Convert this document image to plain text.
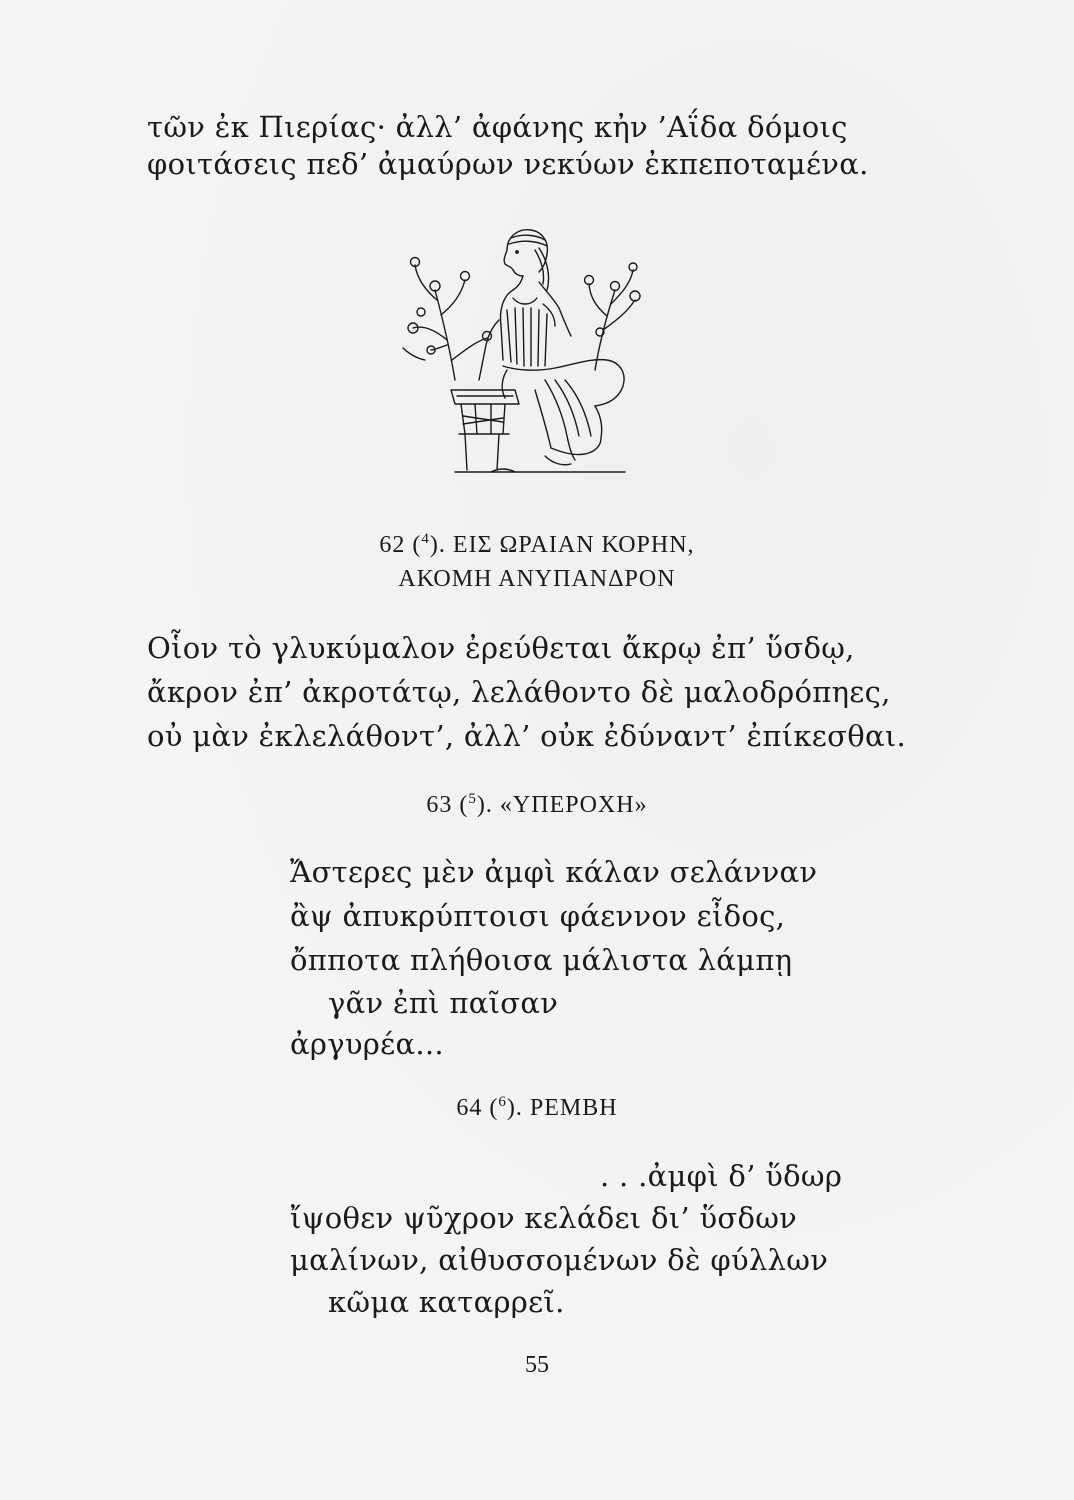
τῶν ἐκ Πιερίας· ἀλλ’ ἀφάνης κἠν ’Αΐδα δόμοις
φοιτάσεις πεδ’ ἀμαύρων νεκύων ἐκπεποταμένα.
62 ($^4$). ΕΙΣ ΩΡΑΙΑΝ ΚΟΡΗΝ,
ΑΚΟΜΗ ΑΝΥΠΑΝΔΡΟΝ
Οἷον τὸ γλυκύμαλον ἐρεύθεται ἄκρῳ ἐπ’ ὕσδῳ,
ἄκρον ἐπ’ ἀκροτάτῳ, λελάθοντο δὲ μαλοδρόπηες,
οὐ μὰν ἐκλελάθοντ’, ἀλλ’ οὐκ ἐδύναντ’ ἐπίκεσθαι.
63 ($^5$). «ΥΠΕΡΟΧΗ»
Ἄστερες μὲν ἀμφὶ κάλαν σελάνναν
ἂψ ἀπυκρύπτοισι φάεννον εἶδος,
ὄπποτα πλήθοισα μάλιστα λάμπῃ
γᾶν ἐπὶ παῖσαν
ἀργυρέα...
64 ($^6$). ΡΕΜΒΗ
. . .ἀμφὶ δ’ ὕδωρ
ἴψοθεν ψῦχρον κελάδει δι’ ὕσδων
μαλίνων, αἰθυσσομένων δὲ φύλλων
κῶμα καταρρεῖ.
55
